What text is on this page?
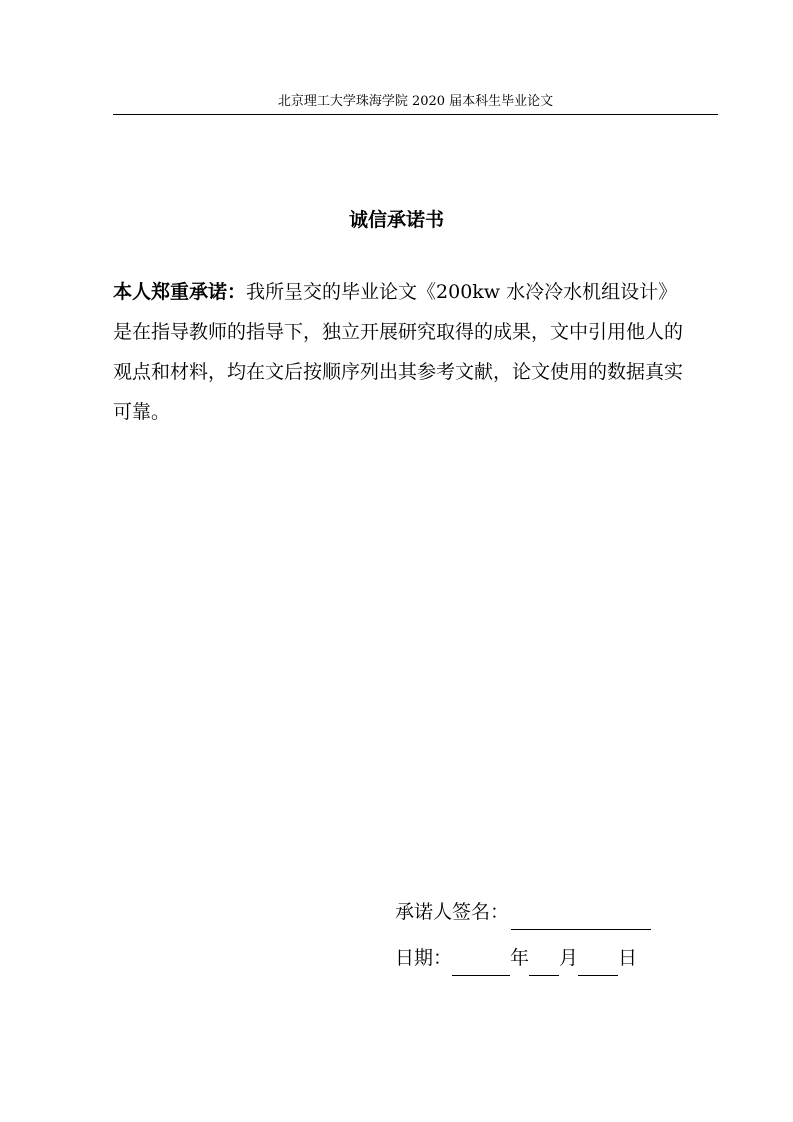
北京理工大学珠海学院 2020 届本科生毕业论文
诚信承诺书

本人郑重承诺：我所呈交的毕业论文《200kw 水冷冷水机组设计》是在指导教师的指导下，独立开展研究取得的成果，文中引用他人的观点和材料，均在文后按顺序列出其参考文献，论文使用的数据真实可靠。

承诺人签名：
日期：	年 月 日
